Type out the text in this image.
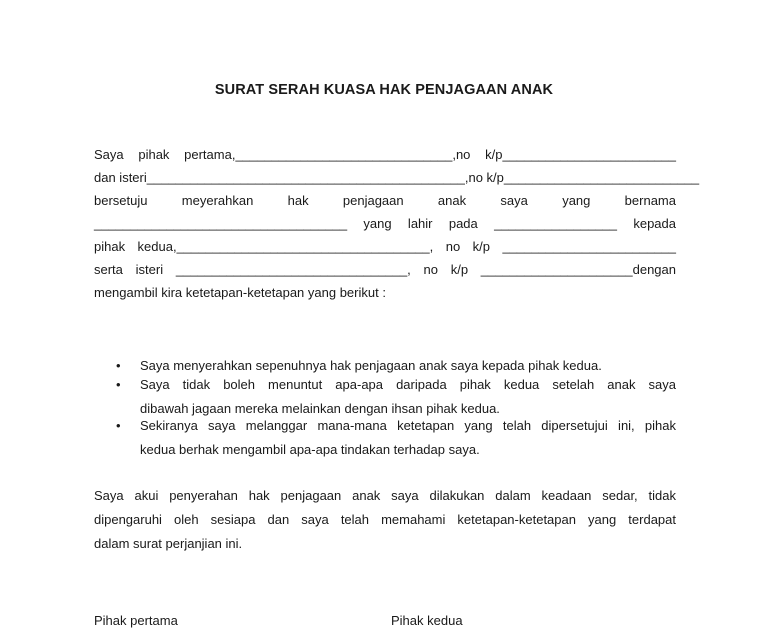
SURAT SERAH KUASA HAK PENJAGAAN ANAK
Saya pihak pertama,______________________________,no k/p________________________
dan isteri____________________________________________,no k/p___________________________
bersetuju meyerahkan hak penjagaan anak saya yang bernama
___________________________________ yang lahir pada _________________ kepada
pihak kedua,___________________________________, no k/p ________________________
serta isteri ________________________________, no k/p _____________________dengan
mengambil kira ketetapan-ketetapan yang berikut :
• Saya menyerahkan sepenuhnya hak penjagaan anak saya kepada pihak kedua.
• Saya tidak boleh menuntut apa-apa daripada pihak kedua setelah anak saya
dibawah jagaan mereka melainkan dengan ihsan pihak kedua.
• Sekiranya saya melanggar mana-mana ketetapan yang telah dipersetujui ini, pihak
kedua berhak mengambil apa-apa tindakan terhadap saya.
Saya akui penyerahan hak penjagaan anak saya dilakukan dalam keadaan sedar, tidak
dipengaruhi oleh sesiapa dan saya telah memahami ketetapan-ketetapan yang terdapat
dalam surat perjanjian ini.
Pihak pertama	Pihak kedua
